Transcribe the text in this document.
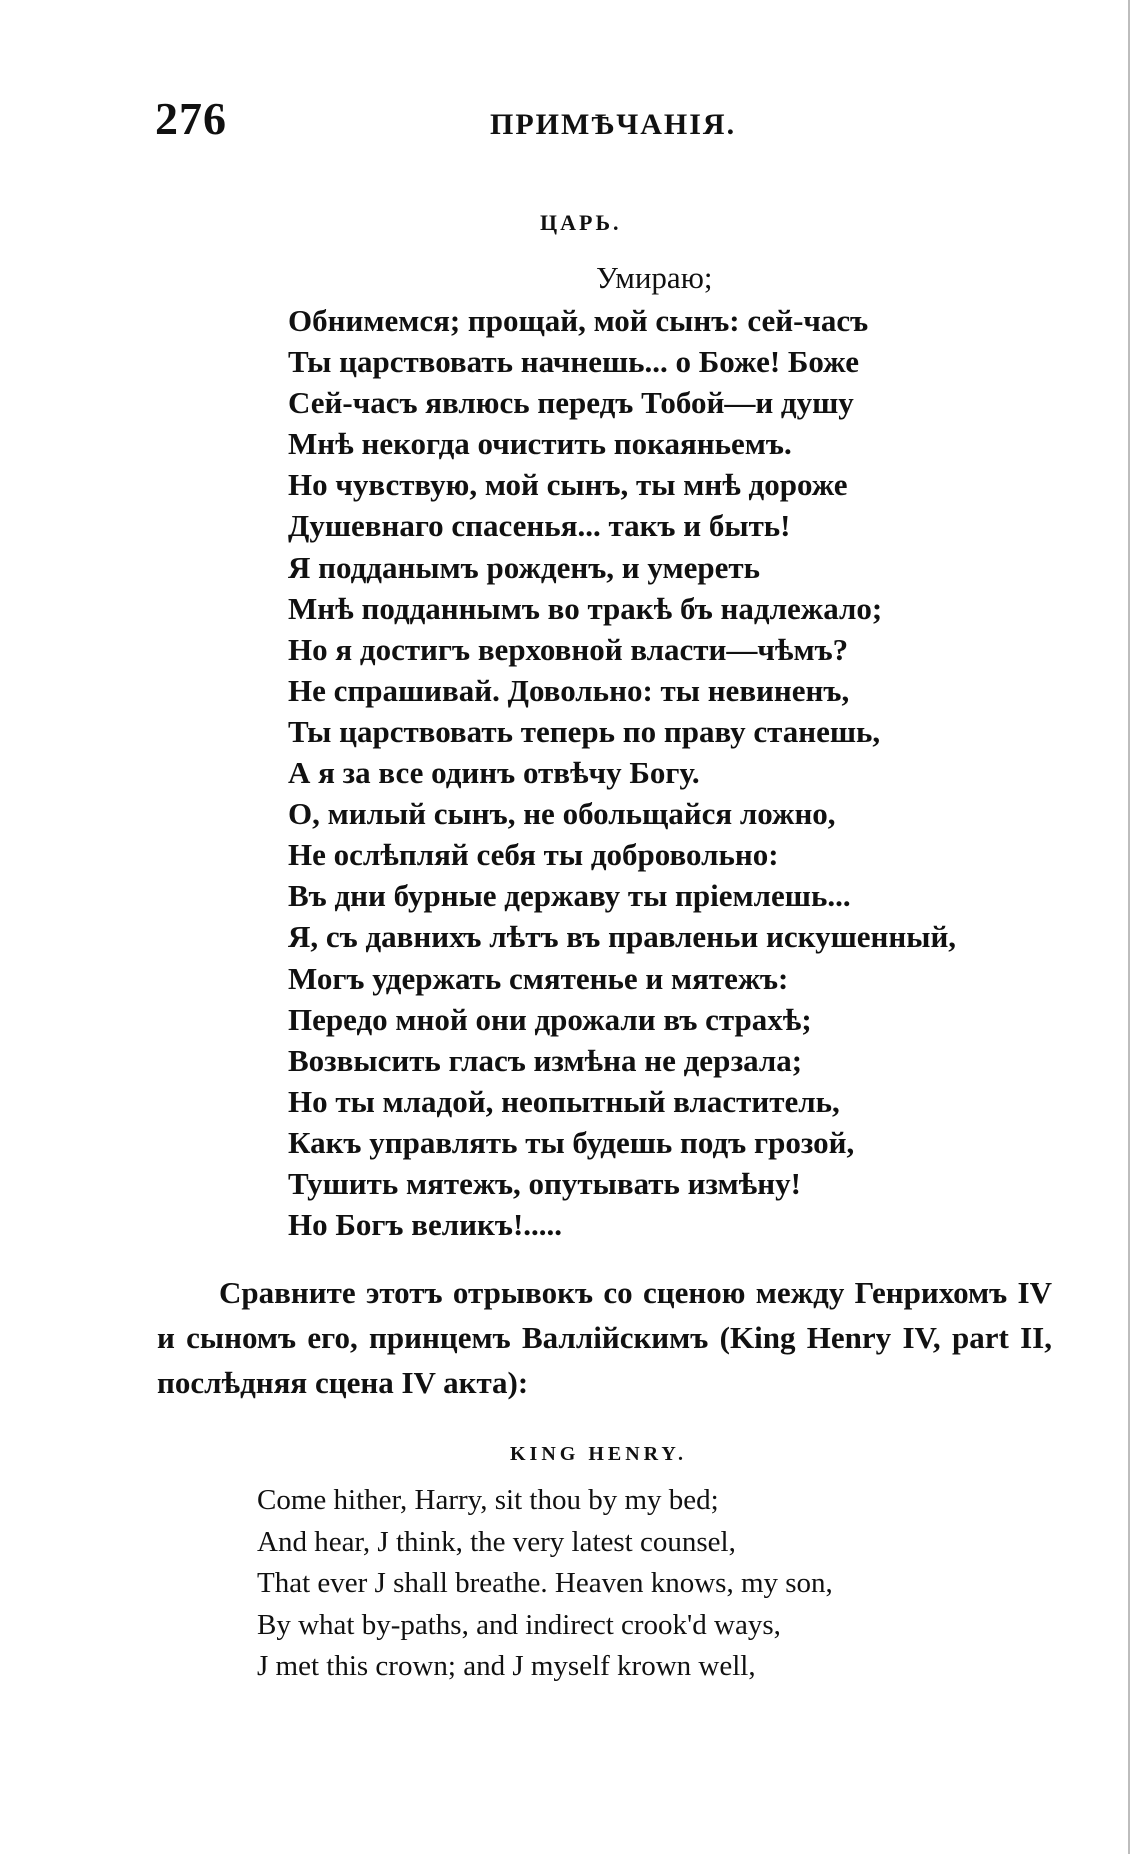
276	ПРИМѢЧАНІЯ.
ЦАРЬ.
Умираю;
Обнимемся; прощай, мой сынъ: сей-часъ
Ты царствовать начнешь... о Боже! Боже
Сей-часъ явлюсь передъ Тобой—и душу
Мнѣ некогда очистить покаяньемъ.
Но чувствую, мой сынъ, ты мнѣ дороже
Душевнаго спасенья... такъ и быть!
Я подданымъ рожденъ, и умереть
Мнѣ подданнымъ во тракѣ бъ надлежало;
Но я достигъ верховной власти—чѣмъ?
Не спрашивай. Довольно: ты невиненъ,
Ты царствовать теперь по праву станешь,
А я за все одинъ отвѣчу Богу.
О, милый сынъ, не обольщайся ложно,
Не ослѣпляй себя ты добровольно:
Въ дни бурные державу ты пріемлешь...
Я, съ давнихъ лѣтъ въ правленьи искушенный,
Могъ удержать смятенье и мятежъ:
Передо мной они дрожали въ страхѣ;
Возвысить гласъ измѣна не дерзала;
Но ты младой, неопытный властитель,
Какъ управлять ты будешь подъ грозой,
Тушить мятежъ, опутывать измѣну!
Но Богъ великъ!.....

Сравните этотъ отрывокъ со сценою между Генрихомъ IV и сыномъ его, принцемъ Валлійскимъ (King Henry IV, part II, послѣдняя сцена IV акта):

KING HENRY.
Come hither, Harry, sit thou by my bed;
And hear, J think, the very latest counsel,
That ever J shall breathe. Heaven knows, my son,
By what by-paths, and indirect crook'd ways,
J met this crown; and J myself krown well,
